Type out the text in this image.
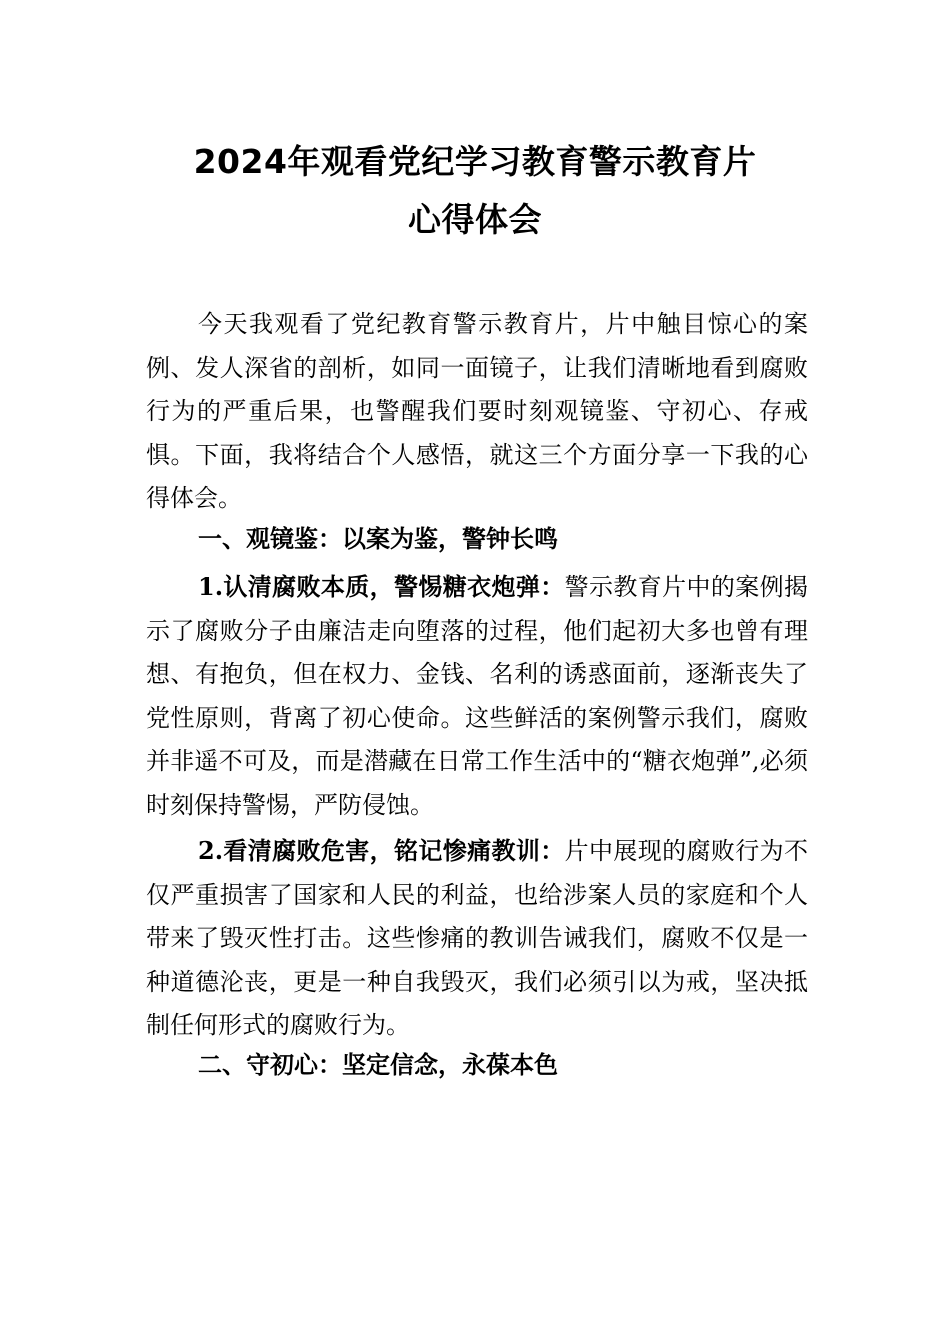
2024年观看党纪学习教育警示教育片
心得体会

今天我观看了党纪教育警示教育片，片中触目惊心的案例、发人深省的剖析，如同一面镜子，让我们清晰地看到腐败行为的严重后果，也警醒我们要时刻观镜鉴、守初心、存戒惧。下面，我将结合个人感悟，就这三个方面分享一下我的心得体会。

一、观镜鉴：以案为鉴，警钟长鸣

1.认清腐败本质，警惕糖衣炮弹：警示教育片中的案例揭示了腐败分子由廉洁走向堕落的过程，他们起初大多也曾有理想、有抱负，但在权力、金钱、名利的诱惑面前，逐渐丧失了党性原则，背离了初心使命。这些鲜活的案例警示我们，腐败并非遥不可及，而是潜藏在日常工作生活中的“糖衣炮弹”,必须时刻保持警惕，严防侵蚀。

2.看清腐败危害，铭记惨痛教训：片中展现的腐败行为不仅严重损害了国家和人民的利益，也给涉案人员的家庭和个人带来了毁灭性打击。这些惨痛的教训告诫我们，腐败不仅是一种道德沦丧，更是一种自我毁灭，我们必须引以为戒，坚决抵制任何形式的腐败行为。

二、守初心：坚定信念，永葆本色
